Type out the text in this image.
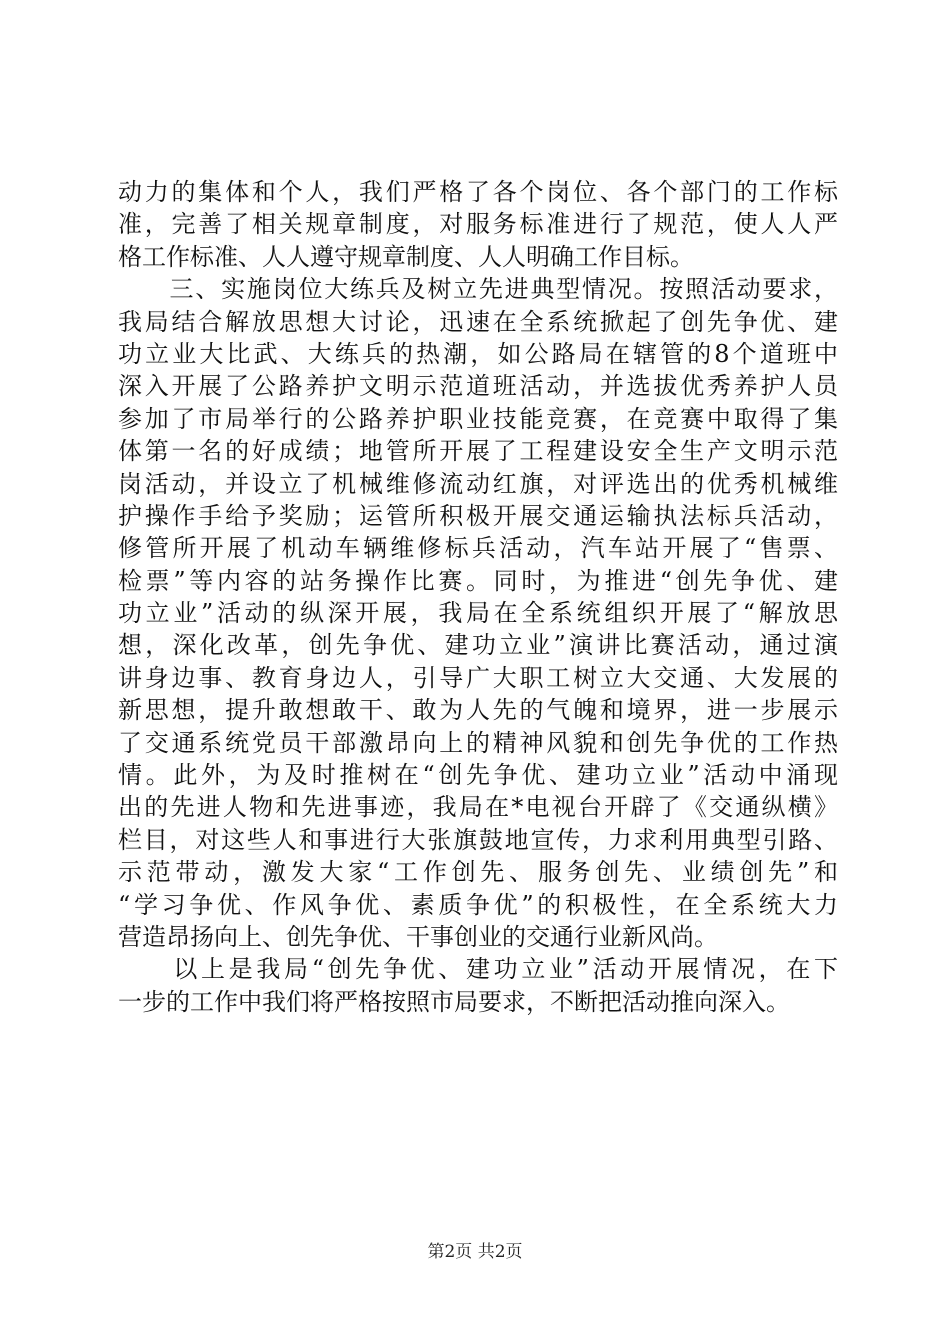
动力的集体和个人，我们严格了各个岗位、各个部门的工作标
准，完善了相关规章制度，对服务标准进行了规范，使人人严
格工作标准、人人遵守规章制度、人人明确工作目标。
　　三、实施岗位大练兵及树立先进典型情况。按照活动要求，
我局结合解放思想大讨论，迅速在全系统掀起了创先争优、建
功立业大比武、大练兵的热潮，如公路局在辖管的8个道班中
深入开展了公路养护文明示范道班活动，并选拔优秀养护人员
参加了市局举行的公路养护职业技能竞赛，在竞赛中取得了集
体第一名的好成绩；地管所开展了工程建设安全生产文明示范
岗活动，并设立了机械维修流动红旗，对评选出的优秀机械维
护操作手给予奖励；运管所积极开展交通运输执法标兵活动，
修管所开展了机动车辆维修标兵活动，汽车站开展了“售票、
检票”等内容的站务操作比赛。同时，为推进“创先争优、建
功立业”活动的纵深开展，我局在全系统组织开展了“解放思
想，深化改革，创先争优、建功立业”演讲比赛活动，通过演
讲身边事、教育身边人，引导广大职工树立大交通、大发展的
新思想，提升敢想敢干、敢为人先的气魄和境界，进一步展示
了交通系统党员干部激昂向上的精神风貌和创先争优的工作热
情。此外，为及时推树在“创先争优、建功立业”活动中涌现
出的先进人物和先进事迹，我局在*电视台开辟了《交通纵横》
栏目，对这些人和事进行大张旗鼓地宣传，力求利用典型引路、
示范带动，激发大家“工作创先、服务创先、业绩创先”和
“学习争优、作风争优、素质争优”的积极性，在全系统大力
营造昂扬向上、创先争优、干事创业的交通行业新风尚。
　　以上是我局“创先争优、建功立业”活动开展情况，在下
一步的工作中我们将严格按照市局要求，不断把活动推向深入。
第2页 共2页
